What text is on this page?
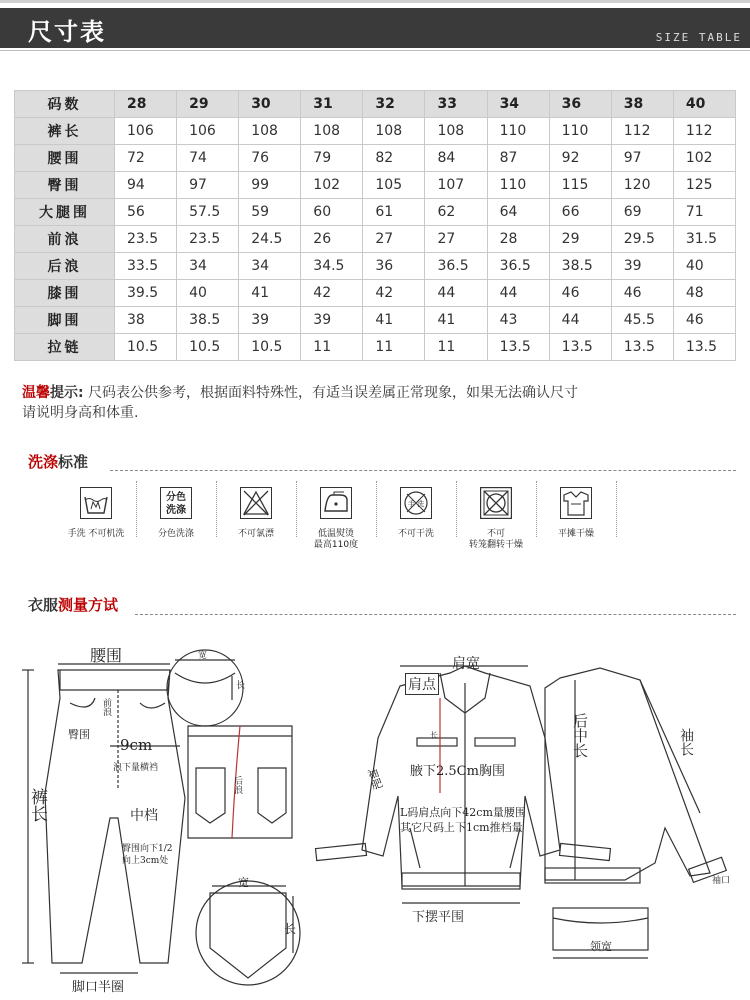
尺寸表	SIZE TABLE
码数	28	29	30	31	32	33	34	36	38	40
裤长	106	106	108	108	108	108	110	110	112	112
腰围	72	74	76	79	82	84	87	92	97	102
臀围	94	97	99	102	105	107	110	115	120	125
大腿围	56	57.5	59	60	61	62	64	66	69	71
前浪	23.5	23.5	24.5	26	27	27	28	29	29.5	31.5
后浪	33.5	34	34	34.5	36	36.5	36.5	38.5	39	40
膝围	39.5	40	41	42	42	44	44	46	46	48
脚围	38	38.5	39	39	41	41	43	44	45.5	46
拉链	10.5	10.5	10.5	11	11	11	13.5	13.5	13.5	13.5
温馨提示: 尺码表公供参考，根据面料特殊性，有适当误差属正常现象，如果无法确认尺寸
请说明身高和体重.
洗涤标准
手洗 不可机洗
分色
洗涤
分色洗涤	不可氯漂	低温熨烫
最高110度
手 洗
不可干洗	不可
转笼翻转干燥
平摊干燥
衣服测量方试
腰围
前浪
臀围
9cm
浪下量横裆
裤长	中档
臀围向下1/2
向上3cm处
脚口半圈
宽
长
后浪
宽
长
肩宽
肩点
长
腋下2.5Cm胸围
袖肥
L码肩点向下42cm量腰围
其它尺码上下1cm推档量
下摆平围
后中长	袖长
袖口
领宽
